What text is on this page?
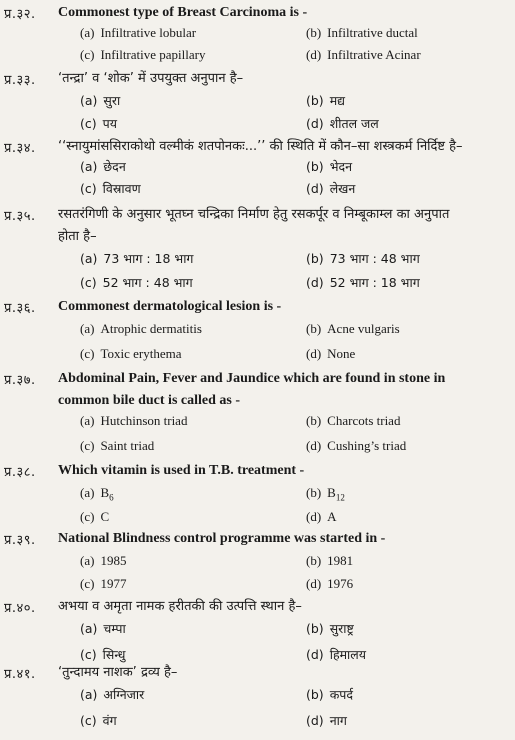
प्र.३२. Commonest type of Breast Carcinoma is -
(a) Infiltrative lobular	(b) Infiltrative ductal
(c) Infiltrative papillary	(d) Infiltrative Acinar
प्र.३३. ‘तन्द्रा’ व ‘शोक’ में उपयुक्त अनुपान है–
(a) सुरा	(b) मद्य
(c) पय	(d) शीतल जल
प्र.३४. ‘‘स्नायुमांससिराकोथो वल्मीकं शतपोनकः...’’ की स्थिति में कौन–सा शस्त्रकर्म निर्दिष्ट है–
(a) छेदन	(b) भेदन
(c) विस्रावण	(d) लेखन
प्र.३५. रसतरंगिणी के अनुसार भूतघ्न चन्द्रिका निर्माण हेतु रसकर्पूर व निम्बूकाम्ल का अनुपात
होता है–
(a) 73 भाग : 18 भाग	(b) 73 भाग : 48 भाग
(c) 52 भाग : 48 भाग	(d) 52 भाग : 18 भाग
प्र.३६. Commonest dermatological lesion is -
(a) Atrophic dermatitis	(b) Acne vulgaris
(c) Toxic erythema	(d) None
प्र.३७. Abdominal Pain, Fever and Jaundice which are found in stone in
common bile duct is called as -
(a) Hutchinson triad	(b) Charcots triad
(c) Saint triad	(d) Cushing’s triad
प्र.३८. Which vitamin is used in T.B. treatment -
(a) $B_6$	(b) $B_{12}$
(c) C	(d) A
प्र.३९. National Blindness control programme was started in -
(a) 1985	(b) 1981
(c) 1977	(d) 1976
प्र.४०. अभया व अमृता नामक हरीतकी की उत्पत्ति स्थान है–
(a) चम्पा	(b) सुराष्ट्र
(c) सिन्धु	(d) हिमालय
प्र.४१. ‘तुन्दामय नाशक’ द्रव्य है–
(a) अग्निजार	(b) कपर्द
(c) वंग	(d) नाग
